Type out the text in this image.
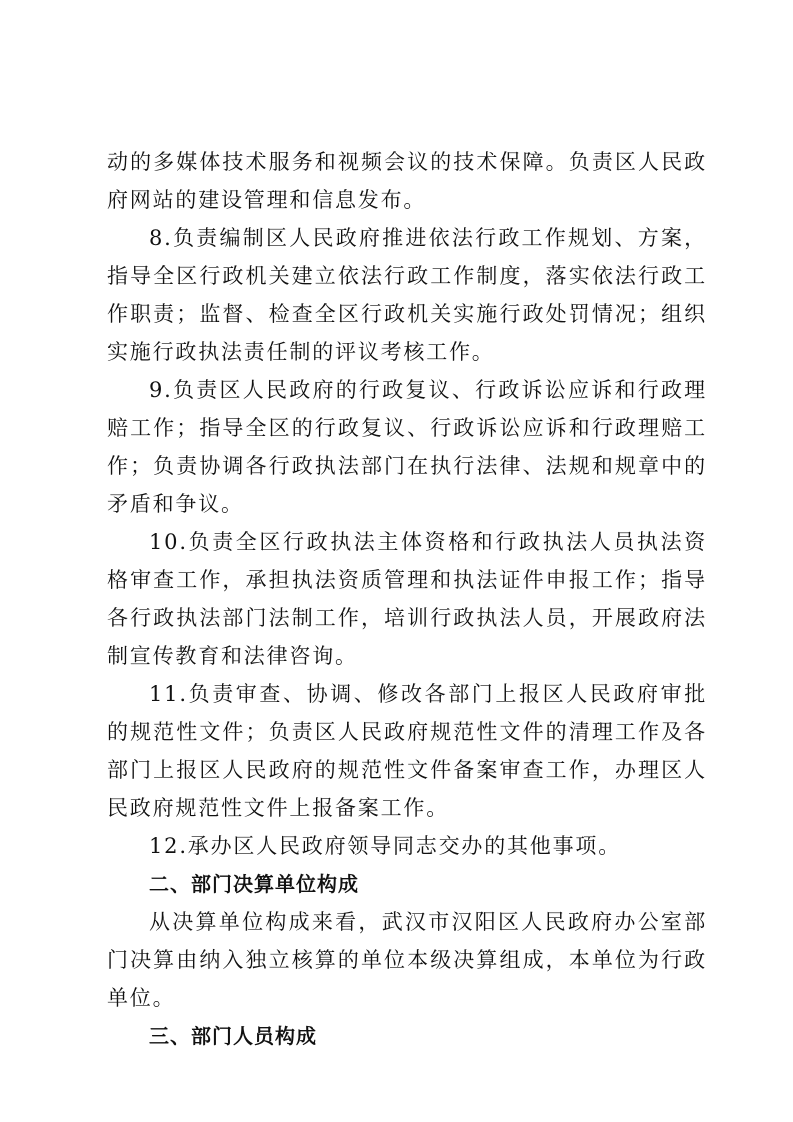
动的多媒体技术服务和视频会议的技术保障。负责区人民政府网站的建设管理和信息发布。

8.负责编制区人民政府推进依法行政工作规划、方案，指导全区行政机关建立依法行政工作制度，落实依法行政工作职责；监督、检查全区行政机关实施行政处罚情况；组织实施行政执法责任制的评议考核工作。

9.负责区人民政府的行政复议、行政诉讼应诉和行政理赔工作；指导全区的行政复议、行政诉讼应诉和行政理赔工作；负责协调各行政执法部门在执行法律、法规和规章中的矛盾和争议。

10.负责全区行政执法主体资格和行政执法人员执法资格审查工作，承担执法资质管理和执法证件申报工作；指导各行政执法部门法制工作，培训行政执法人员，开展政府法制宣传教育和法律咨询。

11.负责审查、协调、修改各部门上报区人民政府审批的规范性文件；负责区人民政府规范性文件的清理工作及各部门上报区人民政府的规范性文件备案审查工作，办理区人民政府规范性文件上报备案工作。

12.承办区人民政府领导同志交办的其他事项。

二、部门决算单位构成

从决算单位构成来看，武汉市汉阳区人民政府办公室部门决算由纳入独立核算的单位本级决算组成，本单位为行政单位。

三、部门人员构成
